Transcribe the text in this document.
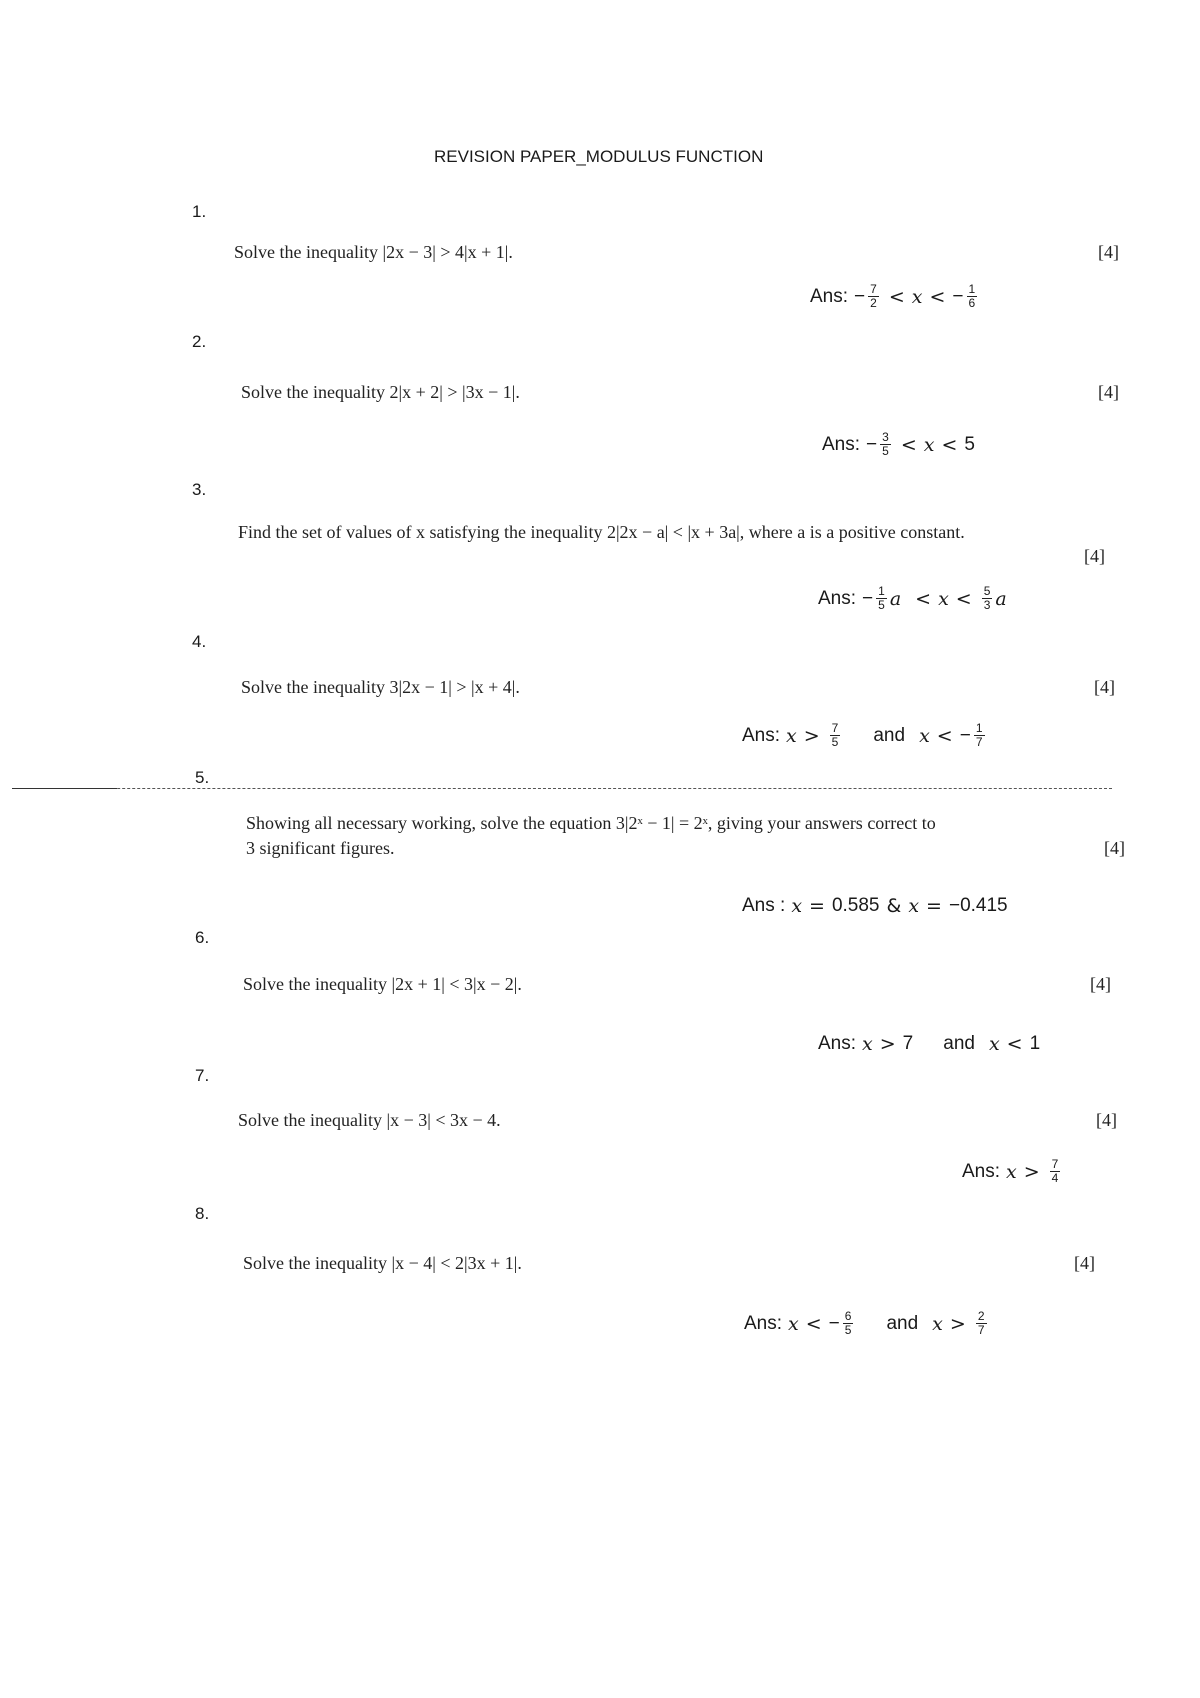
REVISION PAPER_MODULUS FUNCTION
1.
Solve the inequality |2x − 3| > 4|x + 1|.	[4]
Ans: − $\frac{7}{2} < x$ < − $\frac{1}{6}$
2.
Solve the inequality 2|x + 2| > |3x − 1|.	[4]
Ans: − $\frac{3}{5} < x < 5$
3.
Find the set of values of x satisfying the inequality 2|2x − a| < |x + 3a|, where a is a positive constant.
[4]
Ans: − $\frac{1}{5}$ $a < x < \frac{5}{3}$ a
4.
Solve the inequality 3|2x − 1| > |x + 4|.	[4]
Ans: $x > \frac{7}{5}$ and x < − $\frac{1}{7}$
5.
Showing all necessary working, solve the equation 3|2ˣ − 1| = 2ˣ, giving your answers correct to
3 significant figures.	[4]
Ans : x = 0.585 & x = −0.415
6.
Solve the inequality |2x + 1| < 3|x − 2|.	[4]
Ans: x > 7 and x < 1
7.
Solve the inequality |x − 3| < 3x − 4.	[4]
Ans: $x > \frac{7}{4}$
8.
Solve the inequality |x − 4| < 2|3x + 1|.	[4]
Ans: x < − $\frac{6}{5}$ and $x > \frac{2}{7}$
